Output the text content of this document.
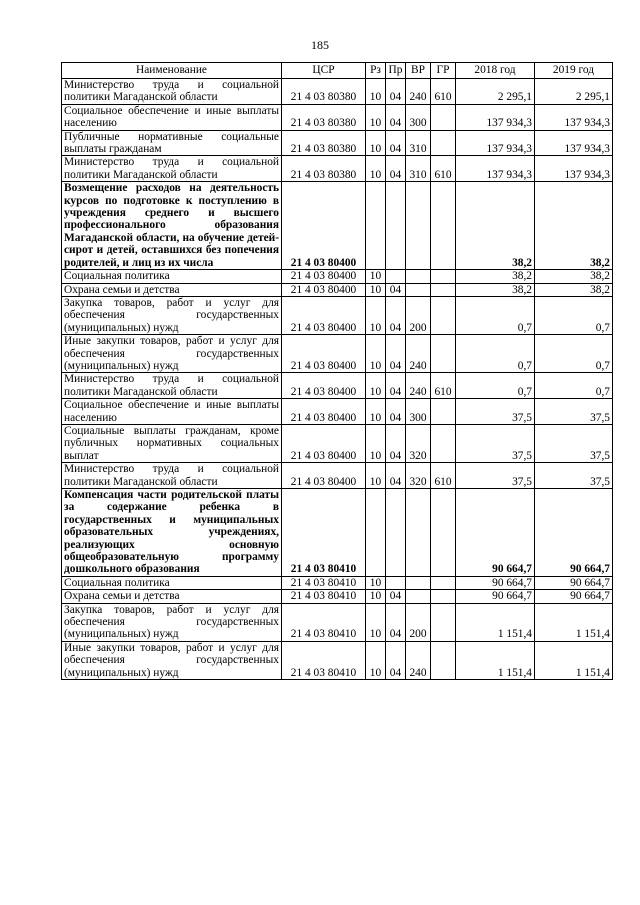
185
Наименование	ЦСР	Рз	Пр	ВР	ГР	2018 год	2019 год
Министерство труда и социальной политики Магаданской области	21 4 03 80380	10	04	240	610	2 295,1	2 295,1
Социальное обеспечение и иные выплаты населению	21 4 03 80380	10	04	300		137 934,3	137 934,3
Публичные нормативные социальные выплаты гражданам	21 4 03 80380	10	04	310		137 934,3	137 934,3
Министерство труда и социальной политики Магаданской области	21 4 03 80380	10	04	310	610	137 934,3	137 934,3
Возмещение расходов на деятельность курсов по подготовке к поступлению в учреждения среднего и высшего профессионального образования Магаданской области, на обучение детей-сирот и детей, оставшихся без попечения родителей, и лиц из их числа	21 4 03 80400					38,2	38,2
Социальная политика	21 4 03 80400	10				38,2	38,2
Охрана семьи и детства	21 4 03 80400	10	04			38,2	38,2
Закупка товаров, работ и услуг для обеспечения государственных (муниципальных) нужд	21 4 03 80400	10	04	200		0,7	0,7
Иные закупки товаров, работ и услуг для обеспечения государственных (муниципальных) нужд	21 4 03 80400	10	04	240		0,7	0,7
Министерство труда и социальной политики Магаданской области	21 4 03 80400	10	04	240	610	0,7	0,7
Социальное обеспечение и иные выплаты населению	21 4 03 80400	10	04	300		37,5	37,5
Социальные выплаты гражданам, кроме публичных нормативных социальных выплат	21 4 03 80400	10	04	320		37,5	37,5
Министерство труда и социальной политики Магаданской области	21 4 03 80400	10	04	320	610	37,5	37,5
Компенсация части родительской платы за содержание ребенка в государственных и муниципальных образовательных учреждениях, реализующих основную общеобразовательную программу дошкольного образования	21 4 03 80410					90 664,7	90 664,7
Социальная политика	21 4 03 80410	10				90 664,7	90 664,7
Охрана семьи и детства	21 4 03 80410	10	04			90 664,7	90 664,7
Закупка товаров, работ и услуг для обеспечения государственных (муниципальных) нужд	21 4 03 80410	10	04	200		1 151,4	1 151,4
Иные закупки товаров, работ и услуг для обеспечения государственных (муниципальных) нужд	21 4 03 80410	10	04	240		1 151,4	1 151,4
